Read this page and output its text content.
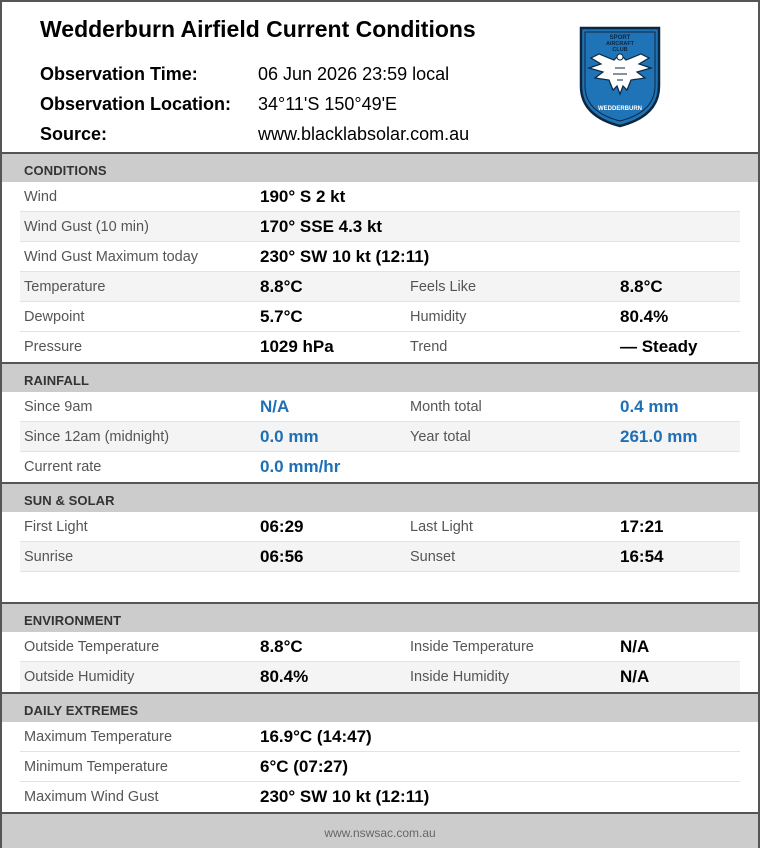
Wedderburn Airfield Current Conditions
Observation Time:	06 Jun 2026 23:59 local
Observation Location: 34°11'S 150°49'E
Source:	www.blacklabsolar.com.au
SPORT
AIRCRAFT
CLUB
WEDDERBURN
CONDITIONS
Wind	190° S 2 kt
Wind Gust (10 min)	170° SSE 4.3 kt
Wind Gust Maximum today	230° SW 10 kt (12:11)
Temperature	8.8°C	Feels Like	8.8°C
Dewpoint	5.7°C	Humidity	80.4%
Pressure	1029 hPa	Trend	— Steady
RAINFALL
Since 9am	N/A	Month total	0.4 mm
Since 12am (midnight)	0.0 mm	Year total	261.0 mm
Current rate	0.0 mm/hr
SUN & SOLAR
First Light	06:29	Last Light	17:21
Sunrise	06:56	Sunset	16:54
ENVIRONMENT
Outside Temperature	8.8°C	Inside Temperature	N/A
Outside Humidity	80.4%	Inside Humidity	N/A
DAILY EXTREMES
Maximum Temperature	16.9°C (14:47)
Minimum Temperature	6°C (07:27)
Maximum Wind Gust	230° SW 10 kt (12:11)
www.nswsac.com.au
